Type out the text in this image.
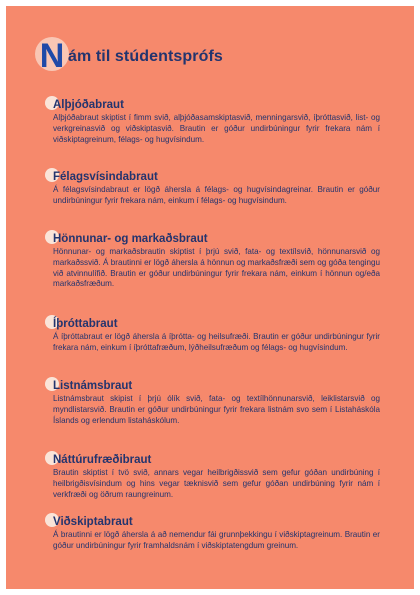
N ám til stúdentsprófs
Alþjóðabraut
Alþjóðabraut skiptist í fimm svið, alþjóðasamskiptasvið, menningarsvið, íþróttasvið, list- og verkgreinasvið og viðskiptasvið. Brautin er góður undirbúningur fyrir frekara nám í viðskiptagreinum, félags- og hugvísindum.
Félagsvísindabraut
Á félagsvísindabraut er lögð áhersla á félags- og hugvísindagreinar. Brautin er góður undirbúningur fyrir frekara nám, einkum í félags- og hugvísindum.
Hönnunar- og markaðsbraut
Hönnunar- og markaðsbrautin skiptist í þrjú svið, fata- og textílsvið, hönnunarsvið og markaðssvið. Á brautinni er lögð áhersla á hönnun og markaðsfræði sem og góða tengingu við atvinnulífið. Brautin er góður undirbúningur fyrir frekara nám, einkum í hönnun og/eða markaðsfræðum.
Íþróttabraut
Á íþróttabraut er lögð áhersla á íþrótta- og heilsufræði. Brautin er góður undirbúningur fyrir frekara nám, einkum í íþróttafræðum, lýðheilsufræðum og félags- og hugvísindum.
Listnámsbraut
Listnámsbraut skipist í þrjú ólík svið, fata- og textílhönnunarsvið, leiklistarsvið og myndlistarsvið. Brautin er góður undirbúningur fyrir frekara listnám svo sem í Listaháskóla Íslands og erlendum listaháskólum.
Náttúrufræðibraut
Brautin skiptist í tvö svið, annars vegar heilbrigðissvið sem gefur góðan undirbúning í heilbrigðisvísindum og hins vegar tæknisvið sem gefur góðan undirbúning fyrir nám í verkfræði og öðrum raungreinum.
Viðskiptabraut
Á brautinni er lögð áhersla á að nemendur fái grunnþekkingu í viðskiptagreinum. Brautin er góður undirbúningur fyrir framhaldsnám í viðskiptatengdum greinum.
